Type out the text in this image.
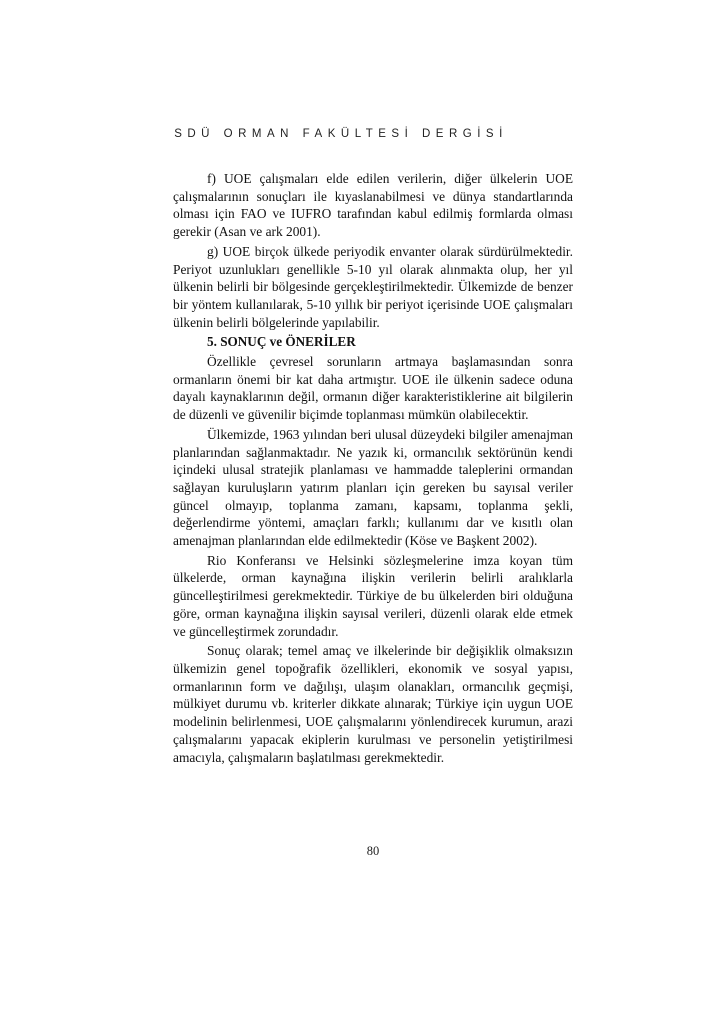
SDÜ ORMAN FAKÜLTESİ DERGİSİ

f) UOE çalışmaları elde edilen verilerin, diğer ülkelerin UOE çalışmalarının sonuçları ile kıyaslanabilmesi ve dünya standartlarında olması için FAO ve IUFRO tarafından kabul edilmiş formlarda olması gerekir (Asan ve ark 2001).

g) UOE birçok ülkede periyodik envanter olarak sürdürülmektedir. Periyot uzunlukları genellikle 5-10 yıl olarak alınmakta olup, her yıl ülkenin belirli bir bölgesinde gerçekleştirilmektedir. Ülkemizde de benzer bir yöntem kullanılarak, 5-10 yıllık bir periyot içerisinde UOE çalışmaları ülkenin belirli bölgelerinde yapılabilir.

5. SONUÇ ve ÖNERİLER

Özellikle çevresel sorunların artmaya başlamasından sonra ormanların önemi bir kat daha artmıştır. UOE ile ülkenin sadece oduna dayalı kaynaklarının değil, ormanın diğer karakteristiklerine ait bilgilerin de düzenli ve güvenilir biçimde toplanması mümkün olabilecektir.

Ülkemizde, 1963 yılından beri ulusal düzeydeki bilgiler amenajman planlarından sağlanmaktadır. Ne yazık ki, ormancılık sektörünün kendi içindeki ulusal stratejik planlaması ve hammadde taleplerini ormandan sağlayan kuruluşların yatırım planları için gereken bu sayısal veriler güncel olmayıp, toplanma zamanı, kapsamı, toplanma şekli, değerlendirme yöntemi, amaçları farklı; kullanımı dar ve kısıtlı olan amenajman planlarından elde edilmektedir (Köse ve Başkent 2002).

Rio Konferansı ve Helsinki sözleşmelerine imza koyan tüm ülkelerde, orman kaynağına ilişkin verilerin belirli aralıklarla güncelleştirilmesi gerekmektedir. Türkiye de bu ülkelerden biri olduğuna göre, orman kaynağına ilişkin sayısal verileri, düzenli olarak elde etmek ve güncelleştirmek zorundadır.

Sonuç olarak; temel amaç ve ilkelerinde bir değişiklik olmaksızın ülkemizin genel topoğrafik özellikleri, ekonomik ve sosyal yapısı, ormanlarının form ve dağılışı, ulaşım olanakları, ormancılık geçmişi, mülkiyet durumu vb. kriterler dikkate alınarak; Türkiye için uygun UOE modelinin belirlenmesi, UOE çalışmalarını yönlendirecek kurumun, arazi çalışmalarını yapacak ekiplerin kurulması ve personelin yetiştirilmesi amacıyla, çalışmaların başlatılması gerekmektedir.

80
